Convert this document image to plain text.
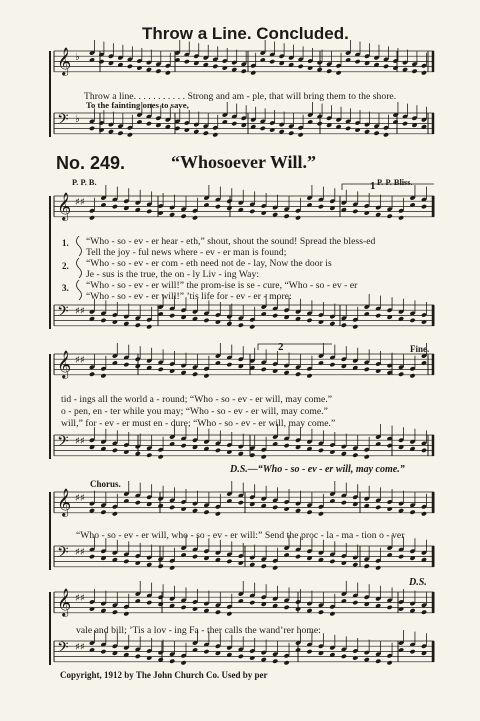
𝄞 ♭
𝄢 ♭
𝄞 ♯♯
𝄢 ♯♯
𝄞 ♯♯
𝄢 ♯♯
𝄞 ♯♯
𝄢 ♯♯
𝄞 ♯♯
𝄢 ♯♯
Throw a Line. Concluded.
Throw a line. . . . . . . . . . . Strong and am - ple, that will bring them to the shore.
To the fainting ones to save,
No. 249.	“Whosoever Will.”
P. P. B.	P. P. Bliss.
1
2	Fine.
1.
2.
3.
“Who - so - ev - er hear - eth,” shout, shout the sound! Spread the bless-ed
Tell the joy - ful news where - ev - er man is found;
“Who - so - ev - er com - eth need not de - lay, Now the door is
Je - sus is the true, the on - ly Liv - ing Way:
“Who - so - ev - er will!” the prom-ise is se - cure, “Who - so - ev - er
“Who - so - ev - er will!” ’tis life for - ev - er - more:
tid - ings all the world a - round; “Who - so - ev - er will, may come.”
o - pen, en - ter while you may; “Who - so - ev - er will, may come.”
will,” for - ev - er must en - dure; “Who - so - ev - er will, may come.”
D.S.—“Who - so - ev - er will, may come.”
Chorus.
“Who - so - ev - er will, who - so - ev - er will:” Send the proc - la - ma - tion o - ver
D.S.
vale and bill; ’Tis a lov - ing Fa - ther calls the wand’rer home:
Copyright, 1912 by The John Church Co. Used by per
